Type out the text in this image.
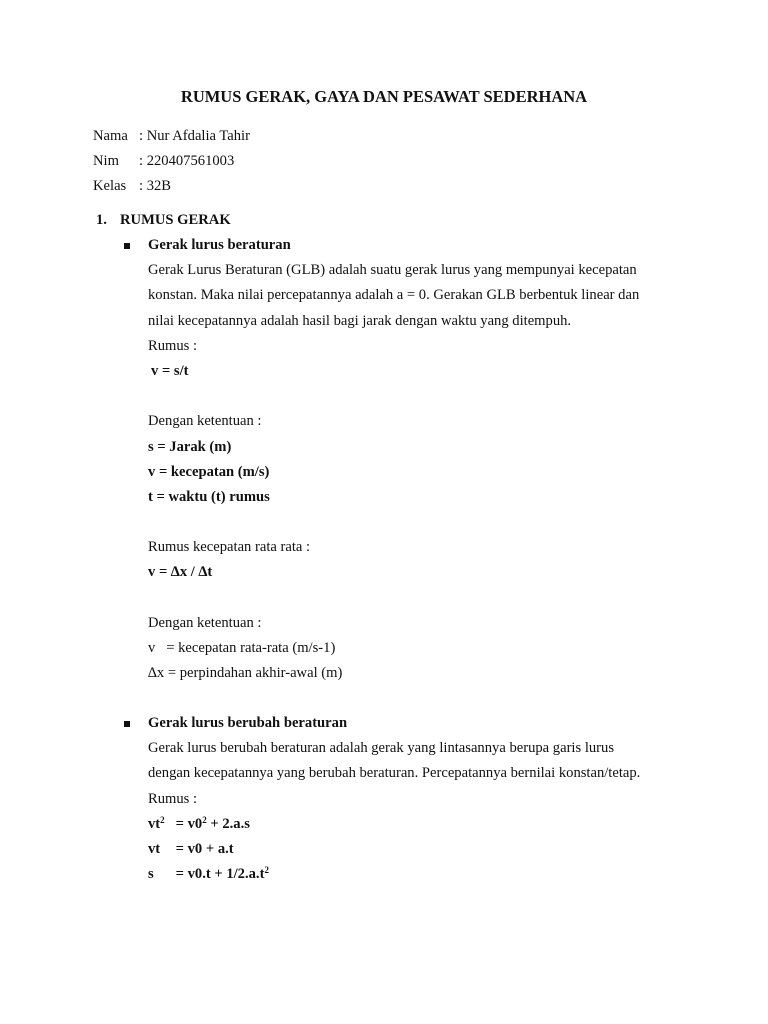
RUMUS GERAK, GAYA DAN PESAWAT SEDERHANA
Nama : Nur Afdalia Tahir
Nim : 220407561003
Kelas : 32B
1. RUMUS GERAK
Gerak lurus beraturan
Gerak Lurus Beraturan (GLB) adalah suatu gerak lurus yang mempunyai kecepatan
konstan. Maka nilai percepatannya adalah a = 0. Gerakan GLB berbentuk linear dan
nilai kecepatannya adalah hasil bagi jarak dengan waktu yang ditempuh.
Rumus :
v = s/t
Dengan ketentuan :
s = Jarak (m)
v = kecepatan (m/s)
t = waktu (t) rumus
Rumus kecepatan rata rata :
v = ∆x / ∆t
Dengan ketentuan :
v   = kecepatan rata-rata (m/s-1)
∆x = perpindahan akhir-awal (m)
Gerak lurus berubah beraturan
Gerak lurus berubah beraturan adalah gerak yang lintasannya berupa garis lurus
dengan kecepatannya yang berubah beraturan. Percepatannya bernilai konstan/tetap.
Rumus :
$vt^2 = v0^2 + 2.a.s$
vt = v0 + a.t
$s = v0.t + 1/2.a.t^2$
